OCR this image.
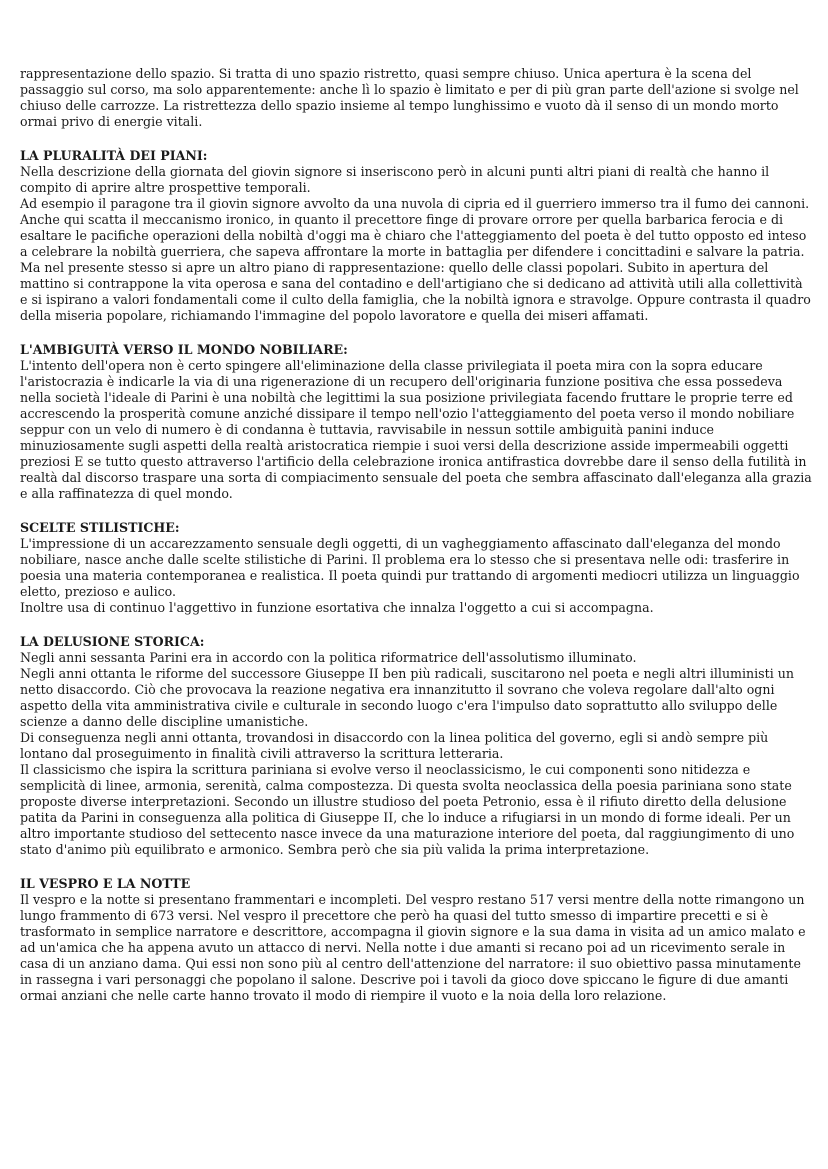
rappresentazione dello spazio. Si tratta di uno spazio ristretto, quasi sempre chiuso. Unica apertura è la scena del passaggio sul corso, ma solo apparentemente: anche lì lo spazio è limitato e per di più gran parte dell'azione si svolge nel chiuso delle carrozze. La ristrettezza dello spazio insieme al tempo lunghissimo e vuoto dà il senso di un mondo morto ormai privo di energie vitali.

LA PLURALITÀ DEI PIANI:

Nella descrizione della giornata del giovin signore si inseriscono però in alcuni punti altri piani di realtà che hanno il compito di aprire altre prospettive temporali.

Ad esempio il paragone tra il giovin signore avvolto da una nuvola di cipria ed il guerriero immerso tra il fumo dei cannoni. Anche qui scatta il meccanismo ironico, in quanto il precettore finge di provare orrore per quella barbarica ferocia e di esaltare le pacifiche operazioni della nobiltà d'oggi ma è chiaro che l'atteggiamento del poeta è del tutto opposto ed inteso a celebrare la nobiltà guerriera, che sapeva affrontare la morte in battaglia per difendere i concittadini e salvare la patria. Ma nel presente stesso si apre un altro piano di rappresentazione: quello delle classi popolari. Subito in apertura del mattino si contrappone la vita operosa e sana del contadino e dell'artigiano che si dedicano ad attività utili alla collettività e si ispirano a valori fondamentali come il culto della famiglia, che la nobiltà ignora e stravolge. Oppure contrasta il quadro della miseria popolare, richiamando l'immagine del popolo lavoratore e quella dei miseri affamati.

L'AMBIGUITÀ VERSO IL MONDO NOBILIARE:

L'intento dell'opera non è certo spingere all'eliminazione della classe privilegiata il poeta mira con la sopra educare l'aristocrazia è indicarle la via di una rigenerazione di un recupero dell'originaria funzione positiva che essa possedeva nella società l'ideale di Parini è una nobiltà che legittimi la sua posizione privilegiata facendo fruttare le proprie terre ed accrescendo la prosperità comune anziché dissipare il tempo nell'ozio l'atteggiamento del poeta verso il mondo nobiliare seppur con un velo di numero è di condanna è tuttavia, ravvisabile in nessun sottile ambiguità panini induce minuziosamente sugli aspetti della realtà aristocratica riempie i suoi versi della descrizione asside impermeabili oggetti preziosi E se tutto questo attraverso l'artificio della celebrazione ironica antifrastica dovrebbe dare il senso della futilità in realtà dal discorso traspare una sorta di compiacimento sensuale del poeta che sembra affascinato dall'eleganza alla grazia e alla raffinatezza di quel mondo.

SCELTE STILISTICHE:

L'impressione di un accarezzamento sensuale degli oggetti, di un vagheggiamento affascinato dall'eleganza del mondo nobiliare, nasce anche dalle scelte stilistiche di Parini. Il problema era lo stesso che si presentava nelle odi: trasferire in poesia una materia contemporanea e realistica. Il poeta quindi pur trattando di argomenti mediocri utilizza un linguaggio eletto, prezioso e aulico.

Inoltre usa di continuo l'aggettivo in funzione esortativa che innalza l'oggetto a cui si accompagna.

LA DELUSIONE STORICA:

Negli anni sessanta Parini era in accordo con la politica riformatrice dell'assolutismo illuminato.

Negli anni ottanta le riforme del successore Giuseppe II ben più radicali, suscitarono nel poeta e negli altri illuministi un netto disaccordo. Ciò che provocava la reazione negativa era innanzitutto il sovrano che voleva regolare dall'alto ogni aspetto della vita amministrativa civile e culturale in secondo luogo c'era l'impulso dato soprattutto allo sviluppo delle scienze a danno delle discipline umanistiche.

Di conseguenza negli anni ottanta, trovandosi in disaccordo con la linea politica del governo, egli si andò sempre più lontano dal proseguimento in finalità civili attraverso la scrittura letteraria.

Il classicismo che ispira la scrittura pariniana si evolve verso il neoclassicismo, le cui componenti sono nitidezza e semplicità di linee, armonia, serenità, calma compostezza. Di questa svolta neoclassica della poesia pariniana sono state proposte diverse interpretazioni. Secondo un illustre studioso del poeta Petronio, essa è il rifiuto diretto della delusione patita da Parini in conseguenza alla politica di Giuseppe II, che lo induce a rifugiarsi in un mondo di forme ideali. Per un altro importante studioso del settecento nasce invece da una maturazione interiore del poeta, dal raggiungimento di uno stato d'animo più equilibrato e armonico. Sembra però che sia più valida la prima interpretazione.

IL VESPRO E LA NOTTE

Il vespro e la notte si presentano frammentari e incompleti. Del vespro restano 517 versi mentre della notte rimangono un lungo frammento di 673 versi. Nel vespro il precettore che però ha quasi del tutto smesso di impartire precetti e si è trasformato in semplice narratore e descrittore, accompagna il giovin signore e la sua dama in visita ad un amico malato e ad un'amica che ha appena avuto un attacco di nervi. Nella notte i due amanti si recano poi ad un ricevimento serale in casa di un anziano dama. Qui essi non sono più al centro dell'attenzione del narratore: il suo obiettivo passa minutamente in rassegna i vari personaggi che popolano il salone. Descrive poi i tavoli da gioco dove spiccano le figure di due amanti ormai anziani che nelle carte hanno trovato il modo di riempire il vuoto e la noia della loro relazione.
